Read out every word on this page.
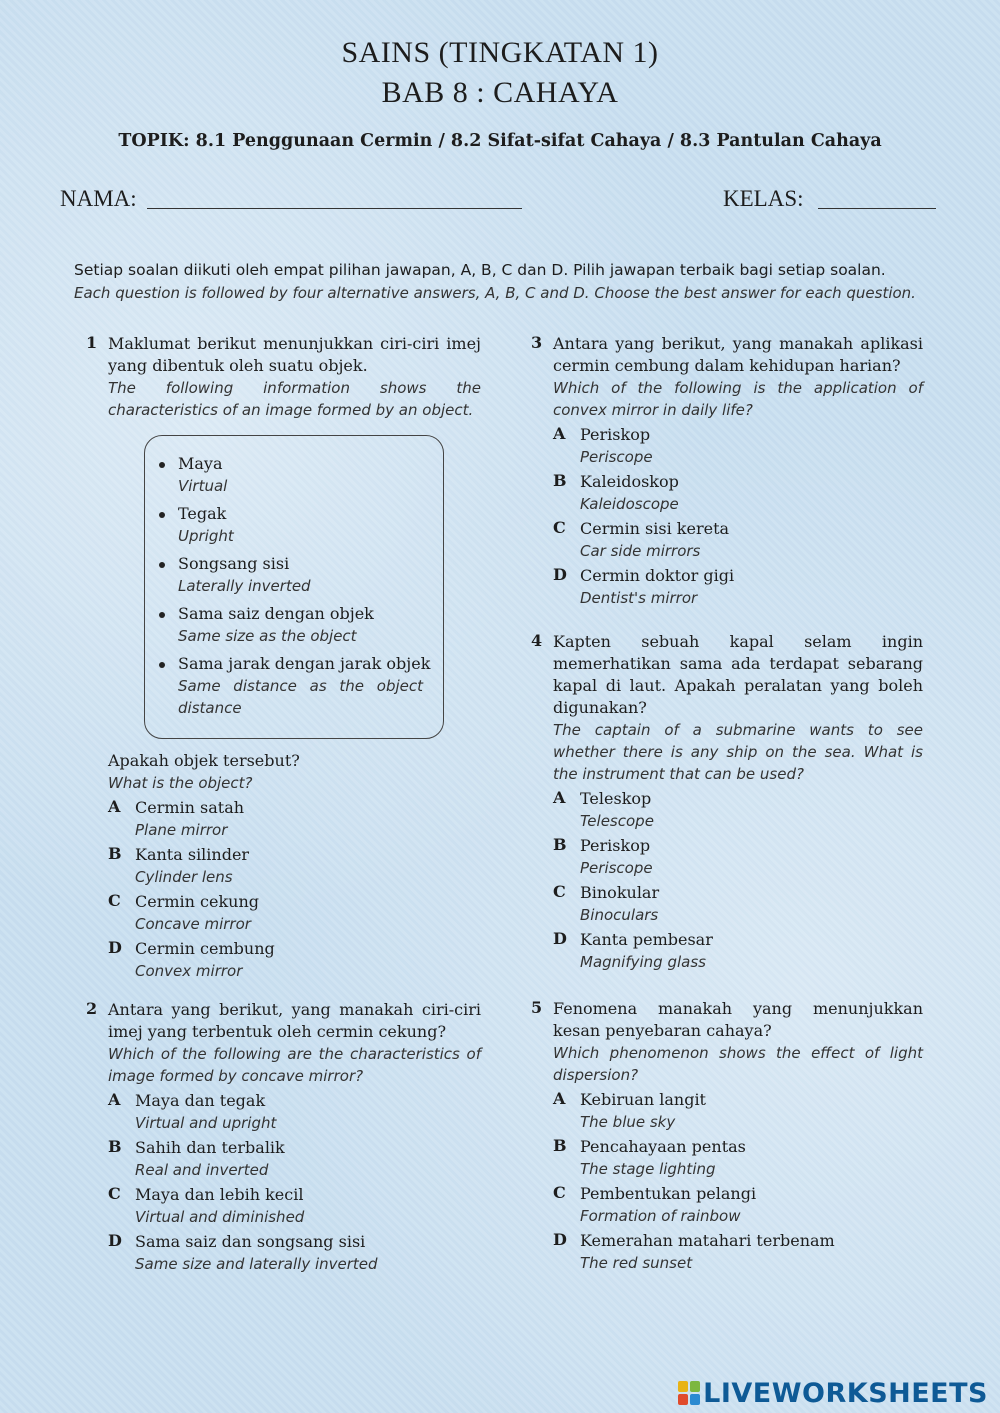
SAINS (TINGKATAN 1)
BAB 8 : CAHAYA
TOPIK: 8.1 Penggunaan Cermin / 8.2 Sifat-sifat Cahaya / 8.3 Pantulan Cahaya
NAMA:	KELAS:
Setiap soalan diikuti oleh empat pilihan jawapan, A, B, C dan D. Pilih jawapan terbaik bagi setiap soalan.
Each question is followed by four alternative answers, A, B, C and D. Choose the best answer for each question.
1 Maklumat berikut menunjukkan ciri-ciri imej yang dibentuk oleh suatu objek.
The following information shows the characteristics of an image formed by an object.
Maya
Virtual
Tegak
Upright
Songsang sisi
Laterally inverted
Sama saiz dengan objek
Same size as the object
Sama jarak dengan jarak objek
Same distance as the object distance
Apakah objek tersebut?
What is the object?
A Cermin satah
Plane mirror
B Kanta silinder
Cylinder lens
C Cermin cekung
Concave mirror
D Cermin cembung
Convex mirror
2 Antara yang berikut, yang manakah ciri-ciri imej yang terbentuk oleh cermin cekung?
Which of the following are the characteristics of image formed by concave mirror?
A Maya dan tegak
Virtual and upright
B Sahih dan terbalik
Real and inverted
C Maya dan lebih kecil
Virtual and diminished
D Sama saiz dan songsang sisi
Same size and laterally inverted
3 Antara yang berikut, yang manakah aplikasi cermin cembung dalam kehidupan harian?
Which of the following is the application of convex mirror in daily life?
A Periskop
Periscope
B Kaleidoskop
Kaleidoscope
C Cermin sisi kereta
Car side mirrors
D Cermin doktor gigi
Dentist's mirror
4 Kapten sebuah kapal selam ingin memerhatikan sama ada terdapat sebarang kapal di laut. Apakah peralatan yang boleh digunakan?
The captain of a submarine wants to see whether there is any ship on the sea. What is the instrument that can be used?
A Teleskop
Telescope
B Periskop
Periscope
C Binokular
Binoculars
D Kanta pembesar
Magnifying glass
5 Fenomena manakah yang menunjukkan kesan penyebaran cahaya?
Which phenomenon shows the effect of light dispersion?
A Kebiruan langit
The blue sky
B Pencahayaan pentas
The stage lighting
C Pembentukan pelangi
Formation of rainbow
D Kemerahan matahari terbenam
The red sunset
LIVEWORKSHEETS
